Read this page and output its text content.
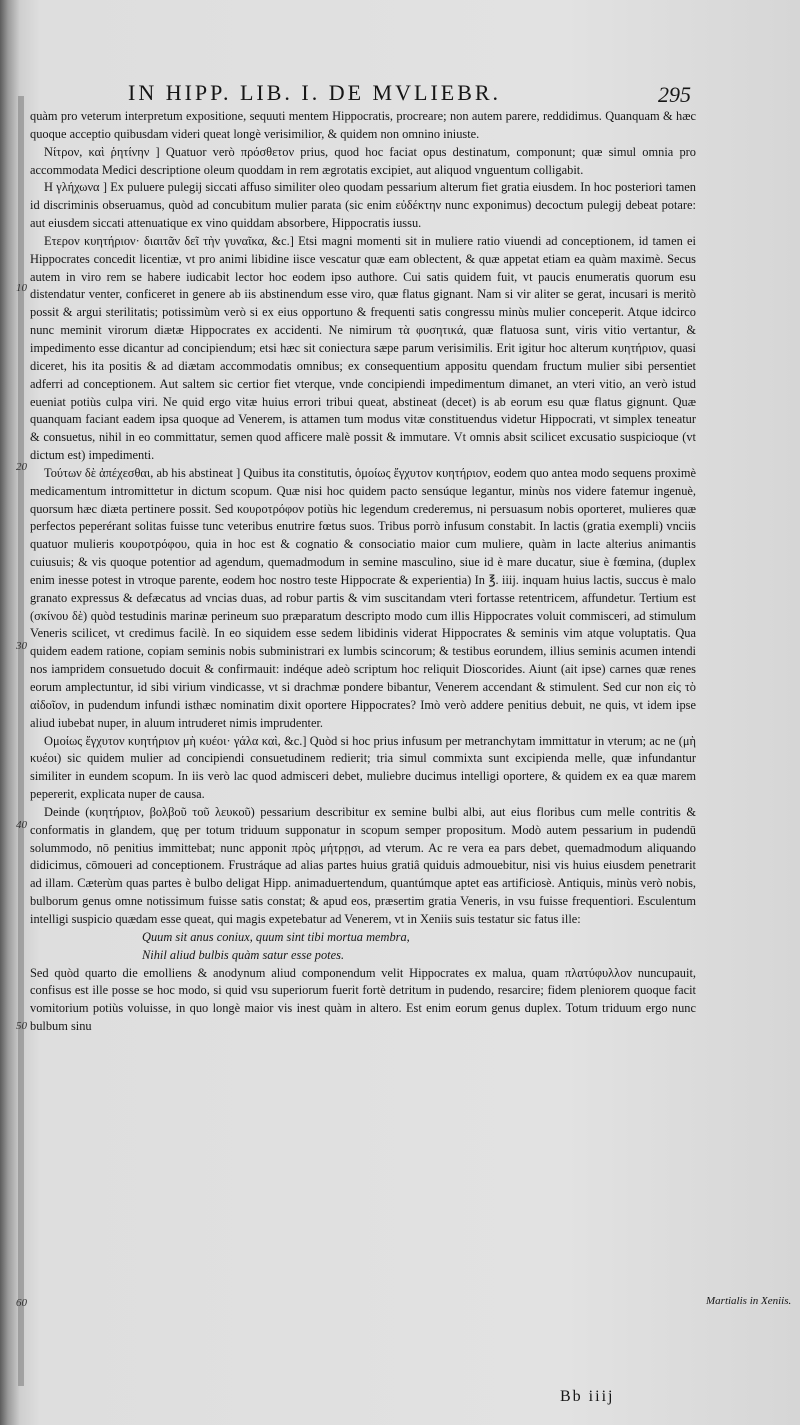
IN HIPP. LIB. I. DE MVLIEBR.	295
10
20
30
40
50
60

quàm pro veterum interpretum expositione, sequuti mentem Hippocratis, procreare; non autem parere, reddidimus. Quanquam & hæc quoque acceptio quibusdam videri queat longè verisimilior, & quidem non omnino iniuste.

Νίτρον, καὶ ῥητίνην ] Quatuor verò πρόσθετον prius, quod hoc faciat opus destinatum, componunt; quæ simul omnia pro accommodata Medici descriptione oleum quoddam in rem ægrotatis excipiet, aut aliquod vnguentum colligabit.

Η γλήχωνα ] Ex puluere pulegij siccati affuso similiter oleo quodam pessarium alterum fiet gratia eiusdem. In hoc posteriori tamen id discriminis obseruamus, quòd ad concubitum mulier parata (sic enim εὐδέκτην nunc exponimus) decoctum pulegij debeat potare: aut eiusdem siccati attenuatique ex vino quiddam absorbere, Hippocratis iussu.

Ετερον κυητήριον· διαιτᾶν δεῖ τὴν γυναῖκα, &c.] Etsi magni momenti sit in muliere ratio viuendi ad conceptionem, id tamen ei Hippocrates concedit licentiæ, vt pro animi libidine iisce vescatur quæ eam oblectent, & quæ appetat etiam ea quàm maximè. Secus autem in viro rem se habere iudicabit lector hoc eodem ipso authore. Cui satis quidem fuit, vt paucis enumeratis quorum esu distendatur venter, conficeret in genere ab iis abstinendum esse viro, quæ flatus gignant. Nam si vir aliter se gerat, incusari is meritò possit & argui sterilitatis; potissimùm verò si ex eius opportuno & frequenti satis congressu minùs mulier conceperit. Atque idcirco nunc meminit virorum diætæ Hippocrates ex accidenti. Ne nimirum τὰ φυσητικά, quæ flatuosa sunt, viris vitio vertantur, & impedimento esse dicantur ad concipiendum; etsi hæc sit coniectura sæpe parum verisimilis. Erit igitur hoc alterum κυητήριον, quasi diceret, his ita positis & ad diætam accommodatis omnibus; ex consequentium appositu quendam fructum mulier sibi persentiet adferri ad conceptionem. Aut saltem sic certior fiet vterque, vnde concipiendi impedimentum dimanet, an vteri vitio, an verò istud eueniat potiùs culpa viri. Ne quid ergo vitæ huius errori tribui queat, abstineat (decet) is ab eorum esu quæ flatus gignunt. Quæ quanquam faciant eadem ipsa quoque ad Venerem, is attamen tum modus vitæ constituendus videtur Hippocrati, vt simplex teneatur & consuetus, nihil in eo committatur, semen quod afficere malè possit & immutare. Vt omnis absit scilicet excusatio suspicioque (vt dictum est) impedimenti.

Τούτων δὲ ἀπέχεσθαι, ab his abstineat ] Quibus ita constitutis, ὁμοίως ἔγχυτον κυητήριον, eodem quo antea modo sequens proximè medicamentum intromittetur in dictum scopum. Quæ nisi hoc quidem pacto sensúque legantur, minùs nos videre fatemur ingenuè, quorsum hæc diæta pertinere possit. Sed κουροτρόφον potiùs hic legendum crederemus, ni persuasum nobis oporteret, mulieres quæ perfectos peperérant solitas fuisse tunc veteribus enutrire fœtus suos. Tribus porrò infusum constabit. In lactis (gratia exempli) vnciis quatuor mulieris κουροτρόφου, quia in hoc est & cognatio & consociatio maior cum muliere, quàm in lacte alterius animantis cuiusuis; & vis quoque potentior ad agendum, quemadmodum in semine masculino, siue id è mare ducatur, siue è fœmina, (duplex enim inesse potest in vtroque parente, eodem hoc nostro teste Hippocrate & experientia) In ℥. iiij. inquam huius lactis, succus è malo granato expressus & defæcatus ad vncias duas, ad robur partis & vim suscitandam vteri fortasse retentricem, affundetur. Tertium est (σκίνου δὲ) quòd testudinis marinæ perineum suo præparatum descripto modo cum illis Hippocrates voluit commisceri, ad stimulum Veneris scilicet, vt credimus facilè. In eo siquidem esse sedem libidinis viderat Hippocrates & seminis vim atque voluptatis. Qua quidem eadem ratione, copiam seminis nobis subministrari ex lumbis scincorum; & testibus eorundem, illius seminis acumen intendi nos iampridem consuetudo docuit & confirmauit: indéque adeò scriptum hoc reliquit Dioscorides. Aiunt (ait ipse) carnes quæ renes eorum amplectuntur, id sibi virium vindicasse, vt si drachmæ pondere bibantur, Venerem accendant & stimulent. Sed cur non εἰς τὸ αἰδοῖον, in pudendum infundi isthæc nominatim dixit oportere Hippocrates? Imò verò addere penitius debuit, ne quis, vt idem ipse aliud iubebat nuper, in aluum intruderet nimis imprudenter.

Ομοίως ἔγχυτον κυητήριον μὴ κυέοι· γάλα καὶ, &c.] Quòd si hoc prius infusum per metranchytam immittatur in vterum; ac ne (μὴ κυέοι) sic quidem mulier ad concipiendi consuetudinem redierit; tria simul commixta sunt excipienda melle, quæ infundantur similiter in eundem scopum. In iis verò lac quod admisceri debet, muliebre ducimus intelligi oportere, & quidem ex ea quæ marem pepererit, explicata nuper de causa.

Deinde (κυητήριον, βολβοῦ τοῦ λευκοῦ) pessarium describitur ex semine bulbi albi, aut eius floribus cum melle contritis & conformatis in glandem, quę per totum triduum supponatur in scopum semper propositum. Modò autem pessarium in pudendū solummodo, nō penitius immittebat; nunc apponit πρὸς μήτρῃσι, ad vterum. Ac re vera ea pars debet, quemadmodum aliquando didicimus, cōmoueri ad conceptionem. Frustráque ad alias partes huius gratiâ quiduis admouebitur, nisi vis huius eiusdem penetrarit ad illam. Cæterùm quas partes è bulbo deligat Hipp. animaduertendum, quantúmque aptet eas artificiosè. Antiquis, minùs verò nobis, bulborum genus omne notissimum fuisse satis constat; & apud eos, præsertim gratia Veneris, in vsu fuisse frequentiori. Esculentum intelligi suspicio quædam esse queat, qui magis expetebatur ad Venerem, vt in Xeniis suis testatur sic fatus ille:

Quum sit anus coniux, quum sint tibi mortua membra,

Nihil aliud bulbis quàm satur esse potes.

Sed quòd quarto die emolliens & anodynum aliud componendum velit Hippocrates ex malua, quam πλατύφυλλον nuncupauit, confisus est ille posse se hoc modo, si quid vsu superiorum fuerit fortè detritum in pudendo, resarcire; fidem pleniorem quoque facit vomitorium potiùs voluisse, in quo longè maior vis inest quàm in altero. Est enim eorum genus duplex. Totum triduum ergo nunc bulbum sinu

Martialis in Xeniis.
Bb iiij
